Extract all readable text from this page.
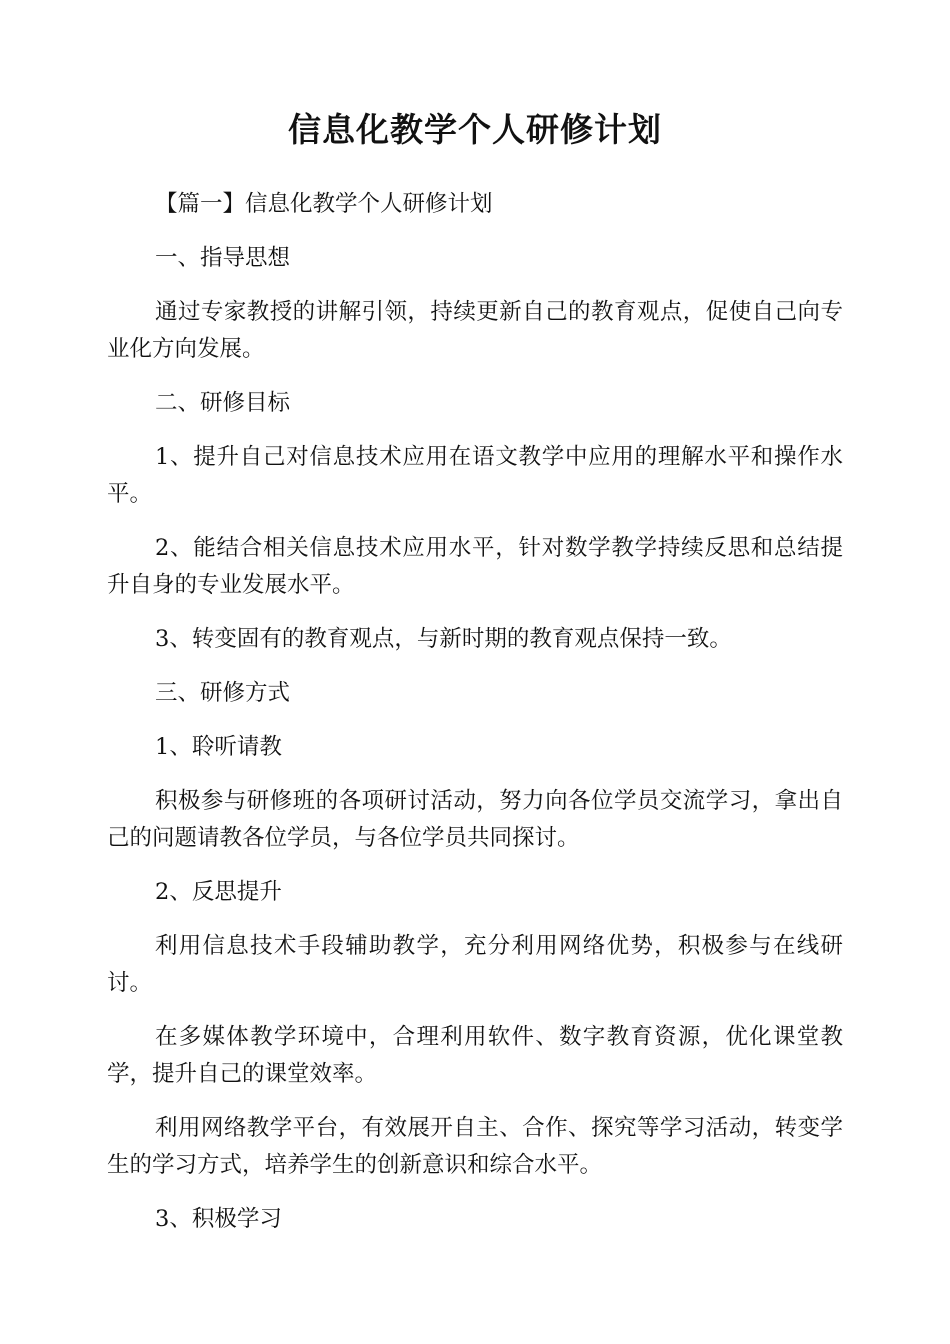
信息化教学个人研修计划

【篇一】信息化教学个人研修计划

一、指导思想

通过专家教授的讲解引领，持续更新自己的教育观点，促使自己向专业化方向发展。

二、研修目标

1、提升自己对信息技术应用在语文教学中应用的理解水平和操作水平。

2、能结合相关信息技术应用水平，针对数学教学持续反思和总结提升自身的专业发展水平。

3、转变固有的教育观点，与新时期的教育观点保持一致。

三、研修方式

1、聆听请教

积极参与研修班的各项研讨活动，努力向各位学员交流学习，拿出自己的问题请教各位学员，与各位学员共同探讨。

2、反思提升

利用信息技术手段辅助教学，充分利用网络优势，积极参与在线研讨。

在多媒体教学环境中，合理利用软件、数字教育资源，优化课堂教学，提升自己的课堂效率。

利用网络教学平台，有效展开自主、合作、探究等学习活动，转变学生的学习方式，培养学生的创新意识和综合水平。

3、积极学习
